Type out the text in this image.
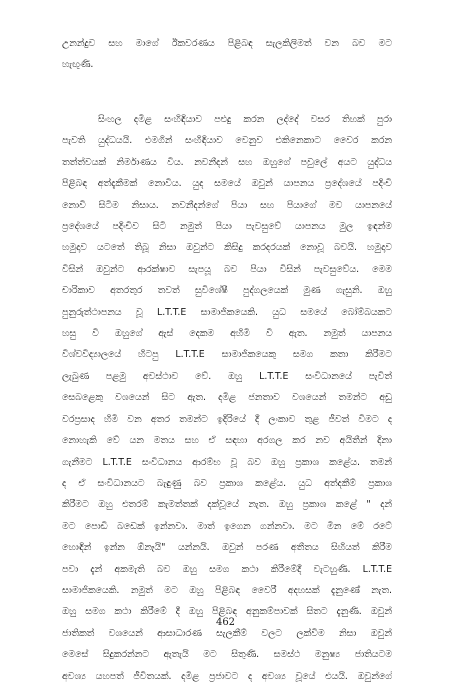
උනන්දුව සහ මාගේ ඊකවරණය පිළිබඳ සැලකිලිමත් වන බව මට
හැඟුණි.
සිංහල දමිළ සංහිඳියාව පළුදු කරන ලද්දේ වසර තිහක් පුරා
පැවති යුද්ධයයි. එමගින් සංහිඳියාව වෙනුව එකිනෙකාට වෛර කරන
තත්ත්වයක් නිර්මාණය විය. නවනීදන් සහ ඔහුගේ පවුලේ අයට යුද්ධය
පිළිබඳ අත්දැකීමක් නොවිය. යුද සමයේ ඔවුන් යාපනය ප්‍රදේශයේ පදිංචි
නොවී සිටීම නිසාය. නවනීදන්ගේ පියා සහ පියාගේ මව යාපනයේ
ප්‍රදේශයේ පදිංචිව සිටි නමුත් පියා පැවසුවේ යාපනය මුල ඉඳන්ම
හමුදාව යටතේ තිබූ නිසා ඔවුන්ට කිසිදු කරදරයක් නොවූ බවයි. හමුදාව
විසින් ඔවුන්ට ආරක්ෂාව සැපයූ බව පියා විසින් පැවසුවේය. මෙම
චාරිකාව අතරතුර තවත් සුවිශේෂී පුද්ගලයෙක් මුණ ගැසුනි. ඔහු
පුනුරුත්ථාපනය වූ L.T.T.E සාමාජිකයෙකි. යුධ සමයේ බෝම්බයකට
හසු වී ඔහුගේ ඇස් දෙකම අහිමි වී ඇත. නමුත් යාපනය
විශ්වවිද්‍යාලයේ හිටපු L.T.T.E සාමාජිකයෙකු සමග කතා කිරීමට
ලැබුණ පළමු අවස්ථාව වේ. ඔහු L.T.T.E සංවිධානයේ පැවිත්
සෙබළෙකු වශයෙන් සිට ඇත. දමිළ ජනතාව වශයෙන් තමන්ට අඩු
වරප්‍රසාද හිමි වන අතර තමන්ට ඉදිරියේ දී ලංකාව තුළ ජීවත් වීමට ද
නොහැකි වේ යන මතය සහ ඒ සඳහා අරගල කර නව අයිතීන් දිනා
ගැනීමට L.T.T.E සංවිධානය ආරම්භ වූ බව ඔහු ප්‍රකාශ කළේය. තමන්
ද ඒ සංවිධානයට බැඳුණු බව ප්‍රකාශ කළේය. යුධ අත්දකීම් ප්‍රකාශ
කිරීමට ඔහු එතරම් කැමත්තක් දක්වූයේ නැත. ඔහු ප්‍රකාශ කළේ " දන්
මට පොඩි බඩෙක් ඉන්නවා. මාත් ඉගෙන ගන්නවා. මට මින මේ රටේ
හොඳින් ඉන්න ඕනෑයි" යන්නයි. ඔවුන් පරණ අතීතය සිහියත් කිරීම
පවා දැන් අකමැති බව ඔහු සමග කථා කිරීමේදී වැටහුණි. L.T.T.E
සාමාජිකයෙකි. නමුත් මට ඔහු පිළිබඳ වෛරී අදහසක් දැනුණේ නැත.
ඔහු සමග කථා කිරීමේ දී ඔහු පිළිබඳ අනුකම්පාවක් සිතට දැනුණි. ඔවුන්
ජාතිකත් වශයෙන් ආසාධාරණ සැලකීම් වලට ලක්වීම නිසා ඔවුන්
මෙසේ සිදුකරන්නට ඇතැයි මට සිතුණි. සමස්ථ මනුෂ්‍ය ජාතියටම
අවශ්‍ය යහපත් ජීවිතයක්. දමිළ ප්‍රජාවට ද අවශ්‍ය වූයේ එයයි. ඔවුන්ගේ
462
